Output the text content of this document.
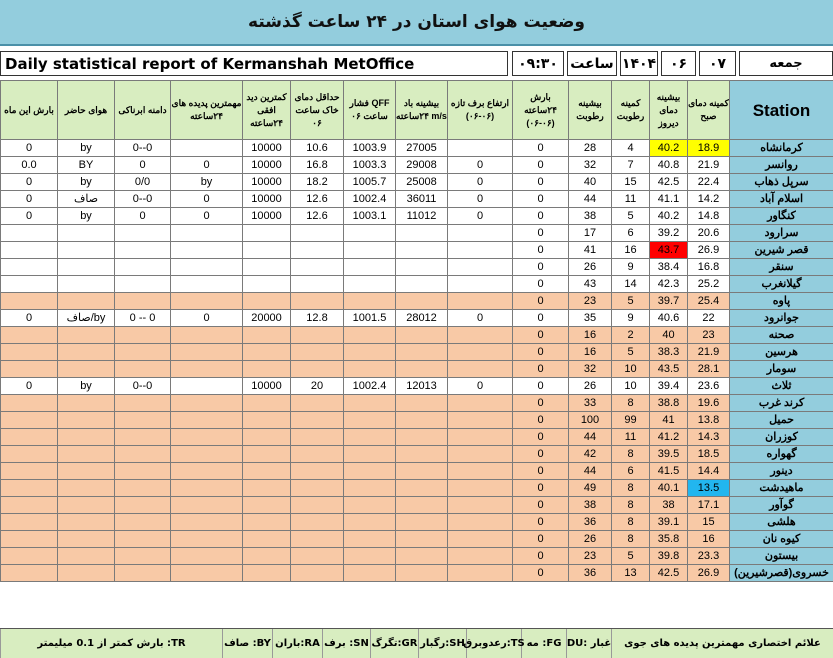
وضعیت هوای استان در ۲۴ ساعت گذشته
Daily statistical report of Kermanshah MetOffice	۰۹:۳۰ ساعت ۱۴۰۴ ۰۶	۰۷	جمعه
بارش این ماه	هوای حاضر	دامنه ابرناکی	مهمترین پدیده های ۲۴ساعته	کمترین دید افقی ۲۴ساعته	حداقل دمای خاک ساعت ۰۶	فشار QFF ساعت ۰۶	بیشینه باد ۲۴ساعته m/s	ارتفاع برف تازه (۰۶-۰۶)	بارش ۲۴ساعته (۰۶-۰۶)	بیشینه رطوبت	کمینه رطوبت	بیشینه دمای دیروز	کمینه دمای صبح	Station
0	by	0--0		10000	10.6	1003.9	27005		0	28	4	40.2	18.9	کرمانشاه
0.0	BY	0	0	10000	16.8	1003.3	29008	0	0	32	7	40.8	21.9	روانسر
0	by	0/0	by	10000	18.2	1005.7	25008	0	0	40	15	42.5	22.4	سرپل ذهاب
0	صاف	0--0	0	10000	12.6	1002.4	36011	0	0	44	11	41.1	14.2	اسلام آباد
0	by	0	0	10000	12.6	1003.1	11012	0	0	38	5	40.2	14.8	کنگاور
									0	17	6	39.2	20.6	سرارود
									0	41	16	43.7	26.9	قصر شیرین
									0	26	9	38.4	16.8	سنقر
									0	43	14	42.3	25.2	گیلانغرب
									0	23	5	39.7	25.4	پاوه
0	صاف/by	0 -- 0	0	20000	12.8	1001.5	28012	0	0	35	9	40.6	22	جوانرود
									0	16	2	40	23	صحنه
									0	16	5	38.3	21.9	هرسین
									0	32	10	43.5	28.1	سومار
0	by	0--0		10000	20	1002.4	12013	0	0	26	10	39.4	23.6	ثلاث
									0	33	8	38.8	19.6	کرند غرب
									0	100	99	41	13.8	حمیل
									0	44	11	41.2	14.3	کوزران
									0	42	8	39.5	18.5	گهواره
									0	44	6	41.5	14.4	دینور
									0	49	8	40.1	13.5	ماهیدشت
									0	38	8	38	17.1	گوآور
									0	36	8	39.1	15	هلشی
									0	26	8	35.8	16	کیوه نان
									0	23	5	39.8	23.3	بیستون
									0	36	13	42.5	26.9	خسروی(قصرشیرین)
علائم اختصاری مهمترین پدیده های جوی
غبار :DU
FG: مه
TS:رعدوبرق
SH:رگبار
GR:تگرگ
SN: برف
RA:باران
BY: صاف
TR: بارش کمتر از 0.1 میلیمتر
